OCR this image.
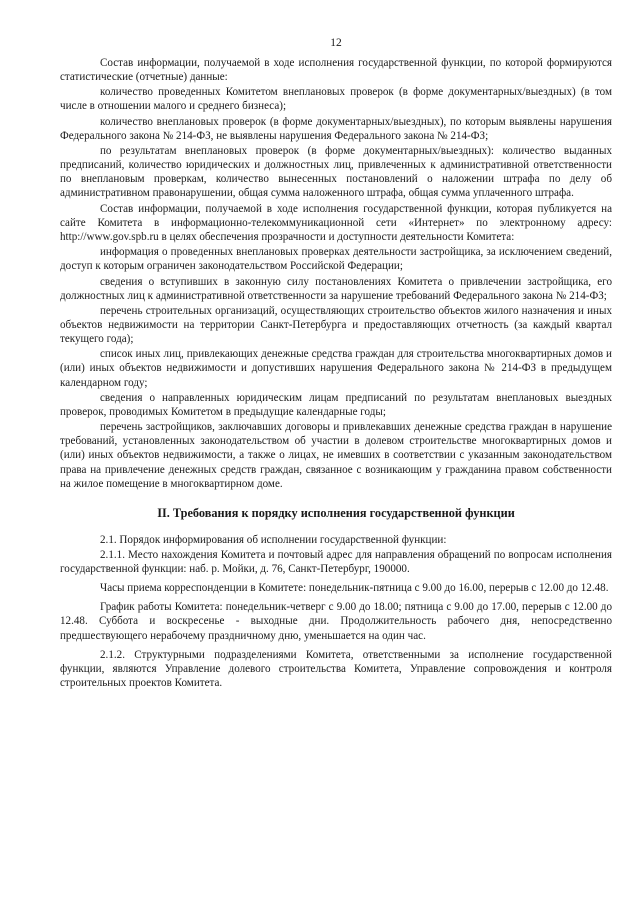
12

Состав информации, получаемой в ходе исполнения государственной функции, по которой формируются статистические (отчетные) данные:

количество проведенных Комитетом внеплановых проверок (в форме документарных/выездных) (в том числе в отношении малого и среднего бизнеса);

количество внеплановых проверок (в форме документарных/выездных), по которым выявлены нарушения Федерального закона № 214-ФЗ, не выявлены нарушения Федерального закона № 214-ФЗ;

по результатам внеплановых проверок (в форме документарных/выездных): количество выданных предписаний, количество юридических и должностных лиц, привлеченных к административной ответственности по внеплановым проверкам, количество вынесенных постановлений о наложении штрафа по делу об административном правонарушении, общая сумма наложенного штрафа, общая сумма уплаченного штрафа.

Состав информации, получаемой в ходе исполнения государственной функции, которая публикуется на сайте Комитета в информационно-телекоммуникационной сети «Интернет» по электронному адресу: http://www.gov.spb.ru в целях обеспечения прозрачности и доступности деятельности Комитета:

информация о проведенных внеплановых проверках деятельности застройщика, за исключением сведений, доступ к которым ограничен законодательством Российской Федерации;

сведения о вступивших в законную силу постановлениях Комитета о привлечении застройщика, его должностных лиц к административной ответственности за нарушение требований Федерального закона № 214-ФЗ;

перечень строительных организаций, осуществляющих строительство объектов жилого назначения и иных объектов недвижимости на территории Санкт-Петербурга и предоставляющих отчетность (за каждый квартал текущего года);

список иных лиц, привлекающих денежные средства граждан для строительства многоквартирных домов и (или) иных объектов недвижимости и допустивших нарушения Федерального закона № 214-ФЗ в предыдущем календарном году;

сведения о направленных юридическим лицам предписаний по результатам внеплановых выездных проверок, проводимых Комитетом в предыдущие календарные годы;

перечень застройщиков, заключавших договоры и привлекавших денежные средства граждан в нарушение требований, установленных законодательством об участии в долевом строительстве многоквартирных домов и (или) иных объектов недвижимости, а также о лицах, не имевших в соответствии с указанным законодательством права на привлечение денежных средств граждан, связанное с возникающим у гражданина правом собственности на жилое помещение в многоквартирном доме.

II. Требования к порядку исполнения государственной функции

2.1. Порядок информирования об исполнении государственной функции:

2.1.1. Место нахождения Комитета и почтовый адрес для направления обращений по вопросам исполнения государственной функции: наб. р. Мойки, д. 76, Санкт-Петербург, 190000.

Часы приема корреспонденции в Комитете: понедельник-пятница с 9.00 до 16.00, перерыв с 12.00 до 12.48.

График работы Комитета: понедельник-четверг с 9.00 до 18.00; пятница с 9.00 до 17.00, перерыв с 12.00 до 12.48. Суббота и воскресенье - выходные дни. Продолжительность рабочего дня, непосредственно предшествующего нерабочему праздничному дню, уменьшается на один час.

2.1.2. Структурными подразделениями Комитета, ответственными за исполнение государственной функции, являются Управление долевого строительства Комитета, Управление сопровождения и контроля строительных проектов Комитета.
